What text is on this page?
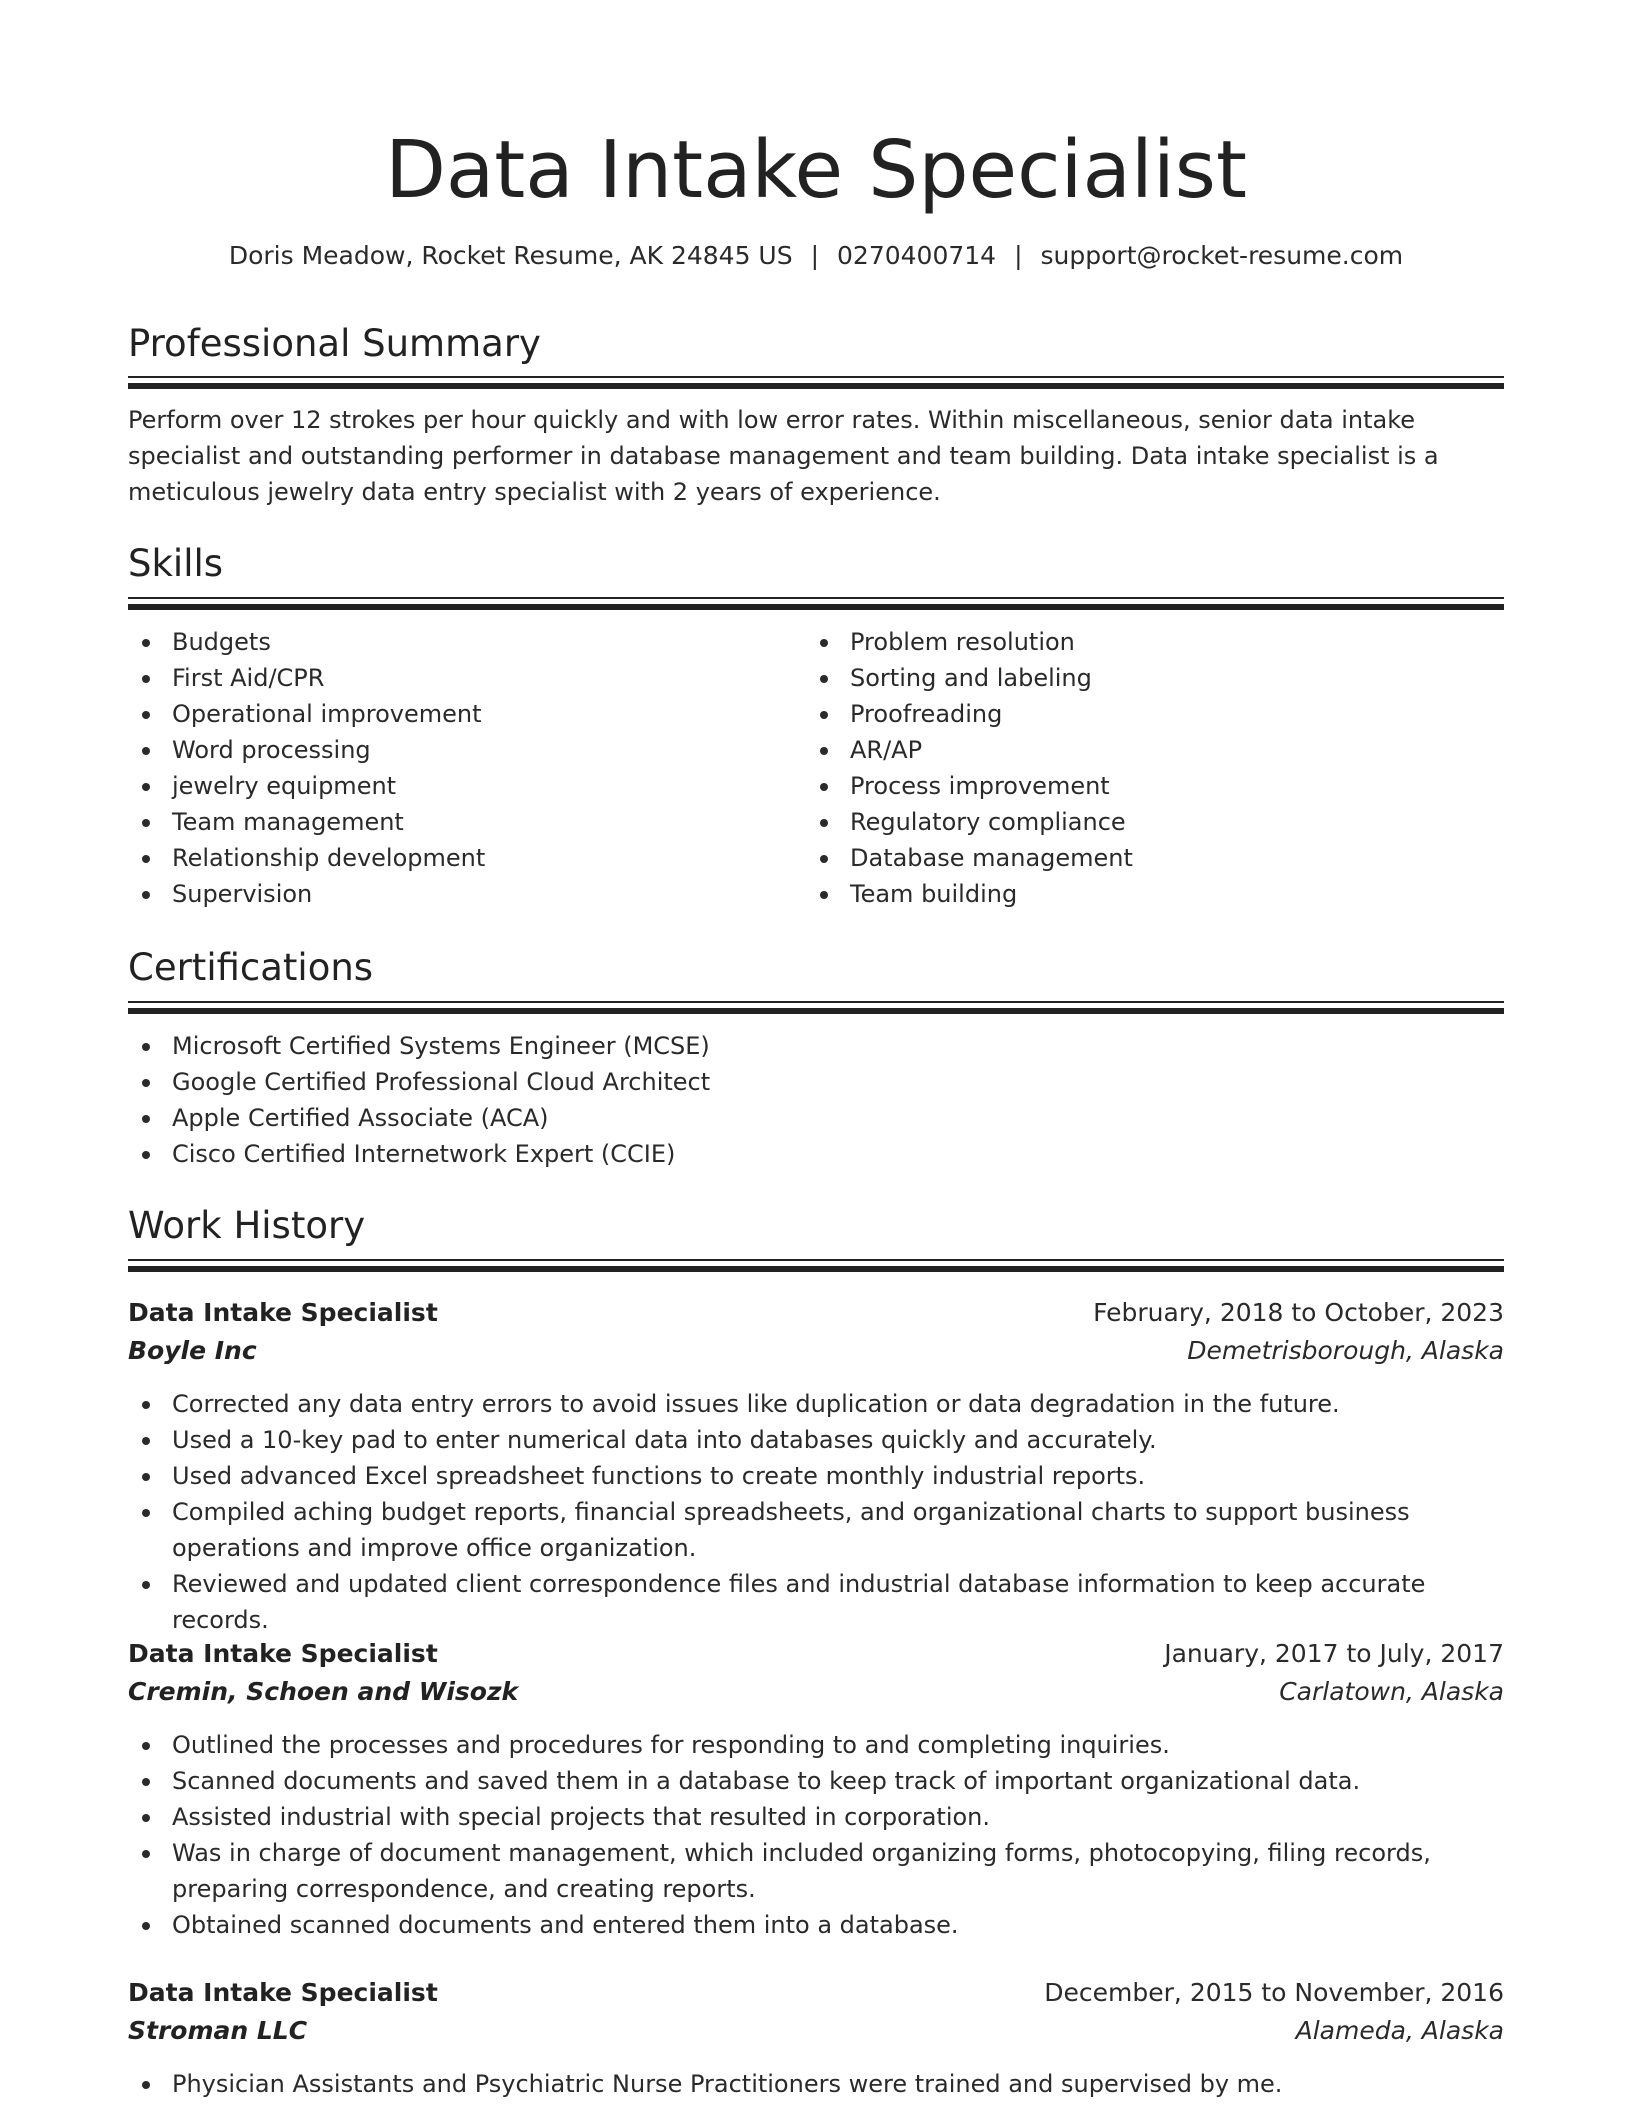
Data Intake Specialist
Doris Meadow, Rocket Resume, AK 24845 US | 0270400714 | support@rocket-resume.com
Professional Summary

Perform over 12 strokes per hour quickly and with low error rates. Within miscellaneous, senior data intake specialist and outstanding performer in database management and team building. Data intake specialist is a meticulous jewelry data entry specialist with 2 years of experience.

Skills
Budgets
First Aid/CPR
Operational improvement
Word processing
jewelry equipment
Team management
Relationship development
Supervision
Problem resolution
Sorting and labeling
Proofreading
AR/AP
Process improvement
Regulatory compliance
Database management
Team building
Certifications
Microsoft Certified Systems Engineer (MCSE)
Google Certified Professional Cloud Architect
Apple Certified Associate (ACA)
Cisco Certified Internetwork Expert (CCIE)
Work History
Data Intake Specialist	February, 2018 to October, 2023
Boyle Inc	Demetrisborough, Alaska
Corrected any data entry errors to avoid issues like duplication or data degradation in the future.
Used a 10-key pad to enter numerical data into databases quickly and accurately.
Used advanced Excel spreadsheet functions to create monthly industrial reports.
Compiled aching budget reports, financial spreadsheets, and organizational charts to support business operations and improve office organization.
Reviewed and updated client correspondence files and industrial database information to keep accurate records.
Data Intake Specialist	January, 2017 to July, 2017
Cremin, Schoen and Wisozk	Carlatown, Alaska
Outlined the processes and procedures for responding to and completing inquiries.
Scanned documents and saved them in a database to keep track of important organizational data.
Assisted industrial with special projects that resulted in corporation.
Was in charge of document management, which included organizing forms, photocopying, filing records, preparing correspondence, and creating reports.
Obtained scanned documents and entered them into a database.
Data Intake Specialist	December, 2015 to November, 2016
Stroman LLC	Alameda, Alaska
Physician Assistants and Psychiatric Nurse Practitioners were trained and supervised by me.
